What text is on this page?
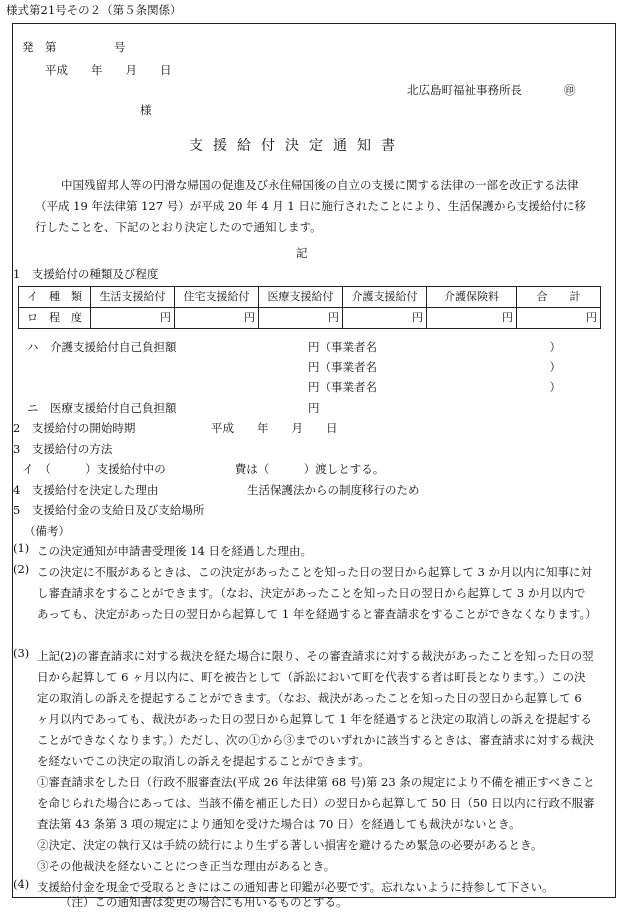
様式第21号その２（第５条関係）
発　第　　　　　号
平成　　年　　月　　日
北広島町福祉事務所長	㊞
様
支援給付決定通知書
中国残留邦人等の円滑な帰国の促進及び永住帰国後の自立の支援に関する法律の一部を改正する法律（平成 19 年法律第 127 号）が平成 20 年 4 月 1 日に施行されたことにより、生活保護から支援給付に移行したことを、下記のとおり決定したので通知します。
記
1　支援給付の種類及び程度
イ　種　類	生活支援給付	住宅支援給付	医療支援給付	介護支援給付	介護保険料	合　　計
ロ　程　度	円	円	円	円	円	円
ハ　介護支援給付自己負担額	円（事業者名　　　　　　　　　　　　　　　）
円（事業者名　　　　　　　　　　　　　　　）
円（事業者名　　　　　　　　　　　　　　　）
ニ　医療支援給付自己負担額	円
2　支援給付の開始時期	平成　　年　　月　　日
3　支援給付の方法
イ　（　　　）支援給付中の　　　　　　費は（　　　）渡しとする。
4　支援給付を決定した理由	生活保護法からの制度移行のため
5　支援給付金の支給日及び支給場所
（備考）
(1) この決定通知が申請書受理後 14 日を経過した理由。
(2) この決定に不服があるときは、この決定があったことを知った日の翌日から起算して 3 か月以内に知事に対し審査請求をすることができます。（なお、決定があったことを知った日の翌日から起算して 3 か月以内であっても、決定があった日の翌日から起算して 1 年を経過すると審査請求をすることができなくなります。）
(3) 上記(2)の審査請求に対する裁決を経た場合に限り、その審査請求に対する裁決があったことを知った日の翌日から起算して 6 ヶ月以内に、町を被告として（訴訟において町を代表する者は町長となります。）この決定の取消しの訴えを提起することができます。（なお、裁決があったことを知った日の翌日から起算して 6 ヶ月以内であっても、裁決があった日の翌日から起算して 1 年を経過すると決定の取消しの訴えを提起することができなくなります。）ただし、次の①から③までのいずれかに該当するときは、審査請求に対する裁決を経ないでこの決定の取消しの訴えを提起することができます。
①審査請求をした日（行政不服審査法(平成 26 年法律第 68 号)第 23 条の規定により不備を補正すべきことを命じられた場合にあっては、当該不備を補正した日）の翌日から起算して 50 日（50 日以内に行政不服審査法第 43 条第 3 項の規定により通知を受けた場合は 70 日）を経過しても裁決がないとき。
②決定、決定の執行又は手続の続行により生ずる著しい損害を避けるため緊急の必要があるとき。
③その他裁決を経ないことにつき正当な理由があるとき。
(4) 支援給付金を現金で受取るときにはこの通知書と印鑑が必要です。忘れないように持参して下さい。
（注）この通知書は変更の場合にも用いるものとする。
